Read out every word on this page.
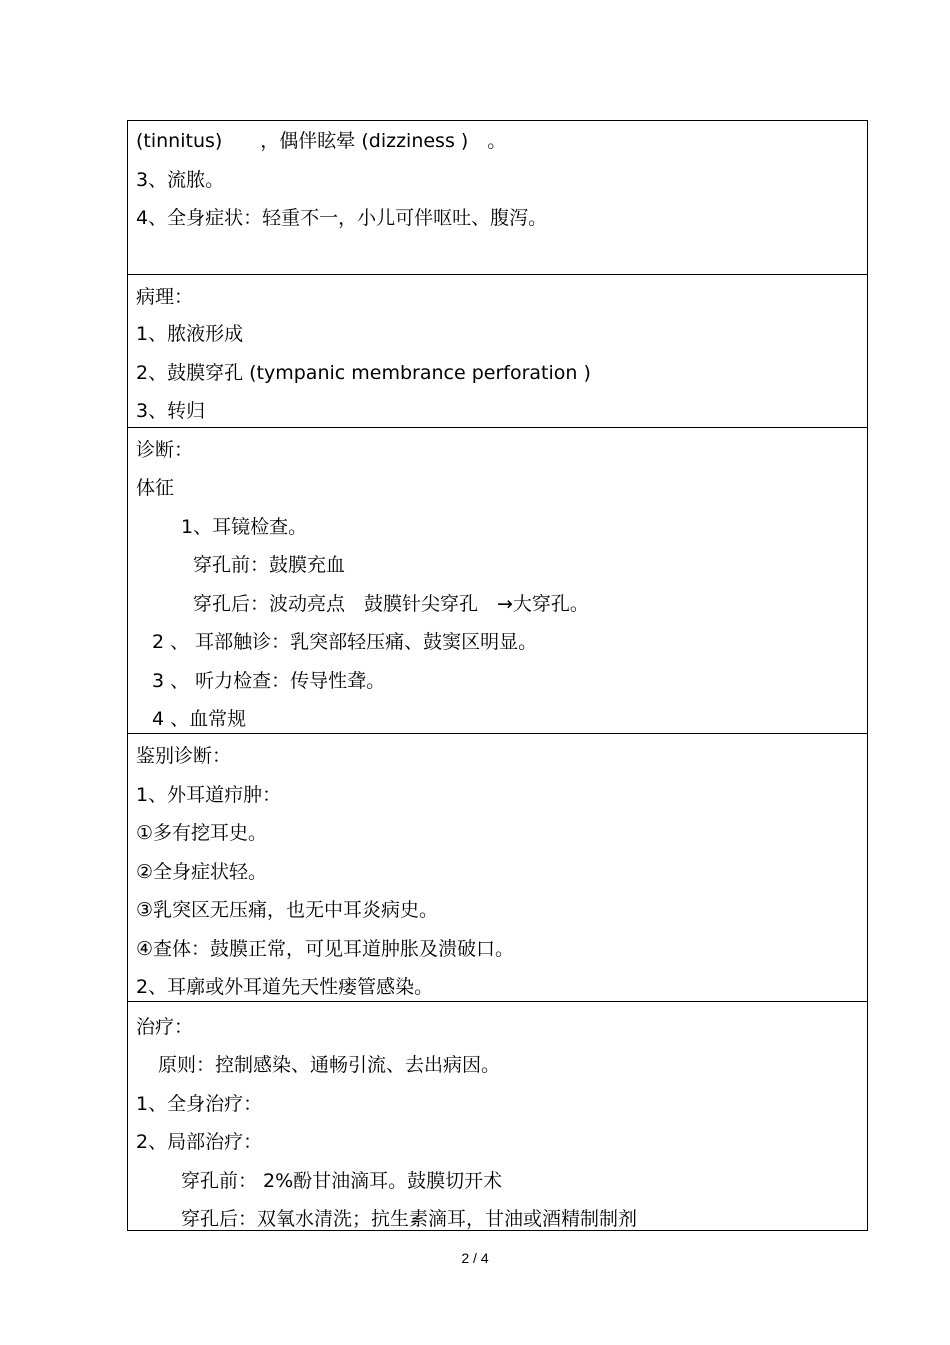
(tinnitus)　　，偶伴眩晕 (dizziness )　。
3、流脓。
4、全身症状：轻重不一，小儿可伴呕吐、腹泻。
病理：
1、脓液形成
2、鼓膜穿孔 (tympanic membrance perforation )
3、转归
诊断：
体征
1、耳镜检查。
穿孔前：鼓膜充血
穿孔后：波动亮点　鼓膜针尖穿孔　→大穿孔。
2 、 耳部触诊：乳突部轻压痛、鼓窦区明显。
3 、 听力检查：传导性聋。
4 、血常规
鉴别诊断：
1、外耳道疖肿：
①多有挖耳史。
②全身症状轻。
③乳突区无压痛，也无中耳炎病史。
④查体：鼓膜正常，可见耳道肿胀及溃破口。
2、耳廓或外耳道先天性瘘管感染。
治疗：
原则：控制感染、通畅引流、去出病因。
1、全身治疗：
2、局部治疗：
穿孔前： 2%酚甘油滴耳。鼓膜切开术
穿孔后：双氧水清洗；抗生素滴耳，甘油或酒精制制剂
2 / 4
